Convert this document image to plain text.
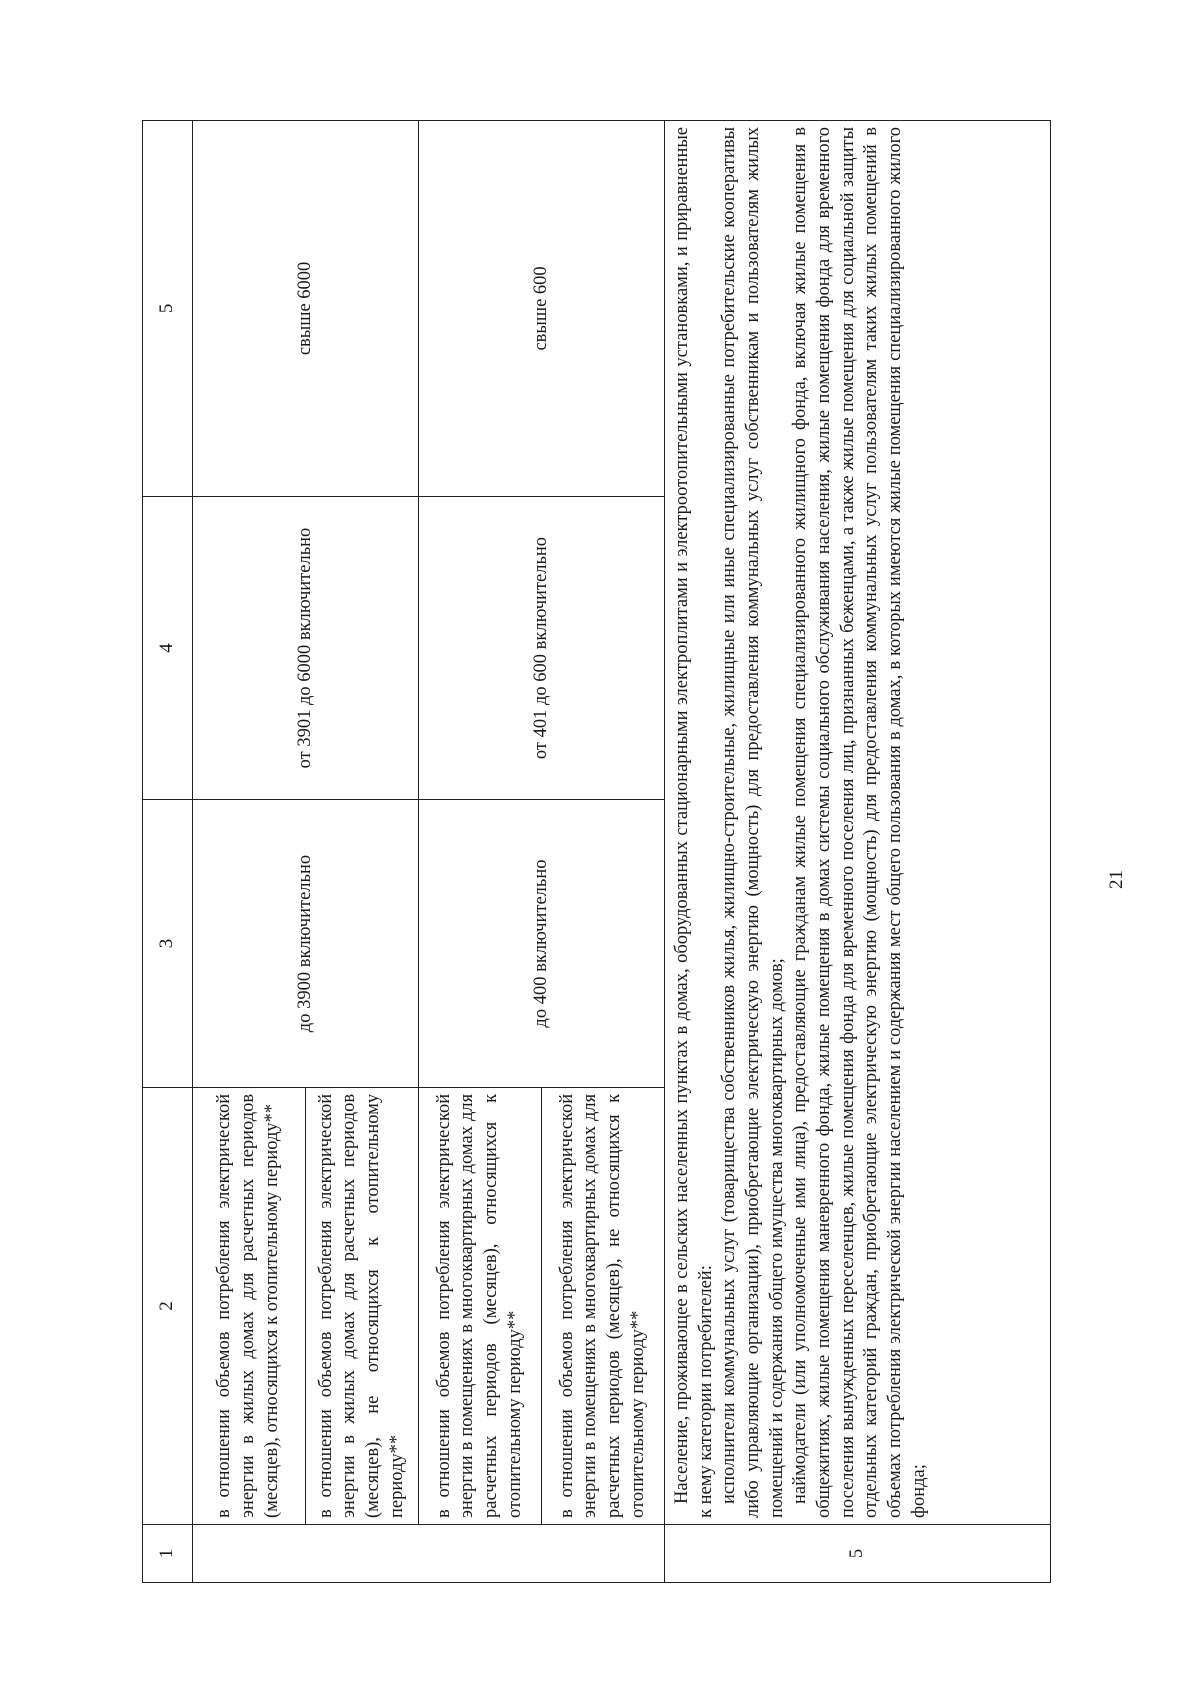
21
1	2	3	4	5
	в отношении объемов потребления электрической энергии в жилых домах для расчетных периодов (месяцев), относящихся к отопительному периоду**	до 3900 включительно	от 3901 до 6000 включительно	свыше 6000
	в отношении объемов потребления электрической энергии в жилых домах для расчетных периодов (месяцев), не относящихся к отопительному периоду**			
	в отношении объемов потребления электрической энергии в помещениях в многоквартирных домах для расчетных периодов (месяцев), относящихся к отопительному периоду**	до 400 включительно	от 401 до 600 включительно	свыше 600
	в отношении объемов потребления электрической энергии в помещениях в многоквартирных домах для расчетных периодов (месяцев), не относящихся к отопительному периоду**			
5	Население, проживающее в сельских населенных пунктах в домах, оборудованных стационарными электроплитами и электроотопительными установками, и приравненные к нему категории потребителей: исполнители коммунальных услуг (товарищества собственников жилья, жилищно-строительные, жилищные или иные специализированные потребительские кооперативы либо управляющие организации), приобретающие электрическую энергию (мощность) для предоставления коммунальных услуг собственникам и пользователям жилых помещений и содержания общего имущества многоквартирных домов; наймодатели (или уполномоченные ими лица), предоставляющие гражданам жилые помещения специализированного жилищного фонда, включая жилые помещения в общежитиях, жилые помещения маневренного фонда, жилые помещения в домах системы социального обслуживания населения, жилые помещения фонда для временного поселения вынужденных переселенцев, жилые помещения фонда для временного поселения лиц, признанных беженцами, а также жилые помещения для социальной защиты отдельных категорий граждан, приобретающие электрическую энергию (мощность) для предоставления коммунальных услуг пользователям таких жилых помещений в объемах потребления электрической энергии населением и содержания мест общего пользования в домах, в которых имеются жилые помещения специализированного жилого фонда;			
